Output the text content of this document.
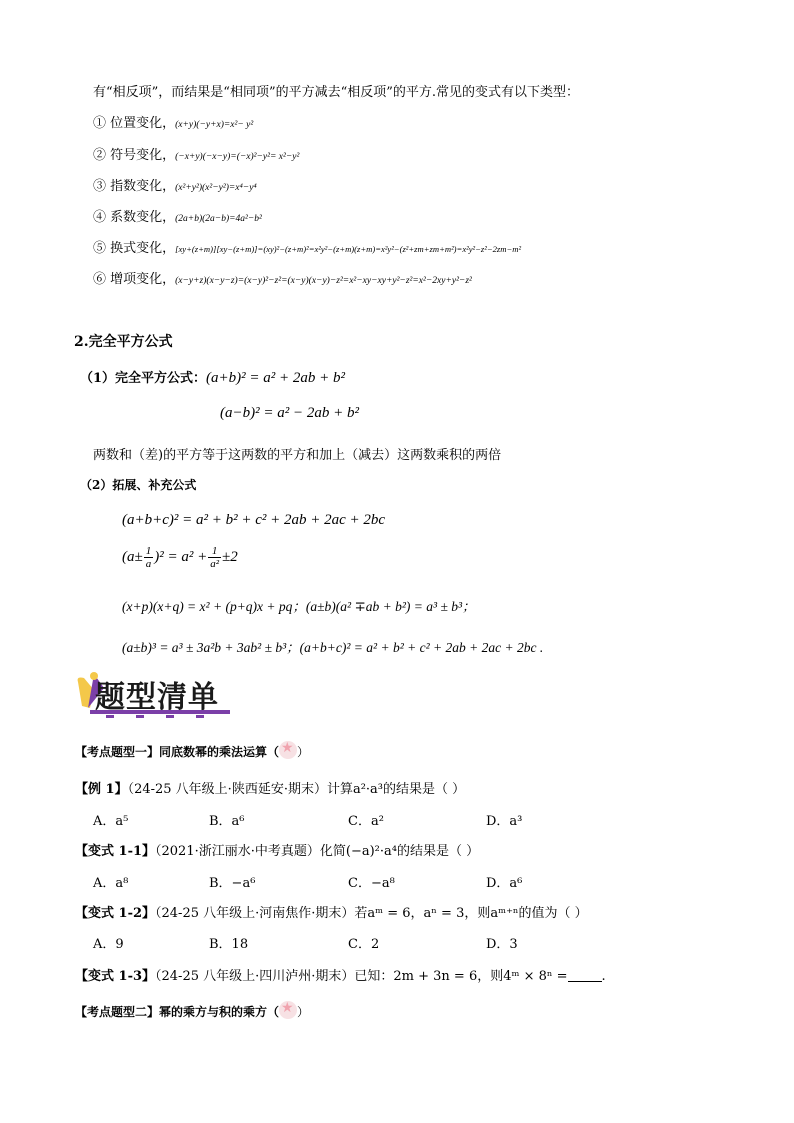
有“相反项”，而结果是“相同项”的平方减去“相反项”的平方.常见的变式有以下类型：
① 位置变化，(x+y)(−y+x)=x²− y²
② 符号变化，(−x+y)(−x−y)=(−x)²−y²= x²−y²
③ 指数变化，(x²+y²)(x²−y²)=x⁴−y⁴
④ 系数变化，(2a+b)(2a−b)=4a²−b²
⑤ 换式变化，[xy+(z+m)][xy−(z+m)]=(xy)²−(z+m)²=x²y²−(z+m)(z+m)=x²y²−(z²+zm+zm+m²)=x²y²−z²−2zm−m²
⑥ 增项变化，(x−y+z)(x−y−z)=(x−y)²−z²=(x−y)(x−y)−z²=x²−xy−xy+y²−z²=x²−2xy+y²−z²
2.完全平方公式
（1）完全平方公式：(a+b)² = a² + 2ab + b²
(a−b)² = a² − 2ab + b²
两数和（差)的平方等于这两数的平方和加上（减去）这两数乘积的两倍
（2）拓展、补充公式
(a+b+c)² = a² + b² + c² + 2ab + 2ac + 2bc
$(a\pm \frac{1}{a} )^2 = a^2 + \frac{1}{\text{a²}} \pm 2$
(x+p)(x+q) = x² + (p+q)x + pq；(a±b)(a² ∓ab + b²) = a³ ± b³；
(a±b)³ = a³ ± 3a²b + 3ab² ± b³；(a+b+c)² = a² + b² + c² + 2ab + 2ac + 2bc .
题型清单
【考点题型一】同底数幂的乘法运算（ ★ ）
【例 1】（24-25 八年级上·陕西延安·期末）计算a²·a³的结果是（ ）
A．a⁵	B．a⁶	C．a²	D．a³
【变式 1-1】（2021·浙江丽水·中考真题）化简(−a)²·a⁴的结果是（ ）
A．a⁸	B．−a⁶	C．−a⁸	D．a⁶
【变式 1-2】（24-25 八年级上·河南焦作·期末）若aᵐ = 6，aⁿ = 3，则aᵐ⁺ⁿ的值为（ ）
A．9	B．18	C．2	D．3
【变式 1-3】（24-25 八年级上·四川泸州·期末）已知：2m + 3n = 6，则4ᵐ × 8ⁿ =	.
【考点题型二】幂的乘方与积的乘方（ ★ ）
